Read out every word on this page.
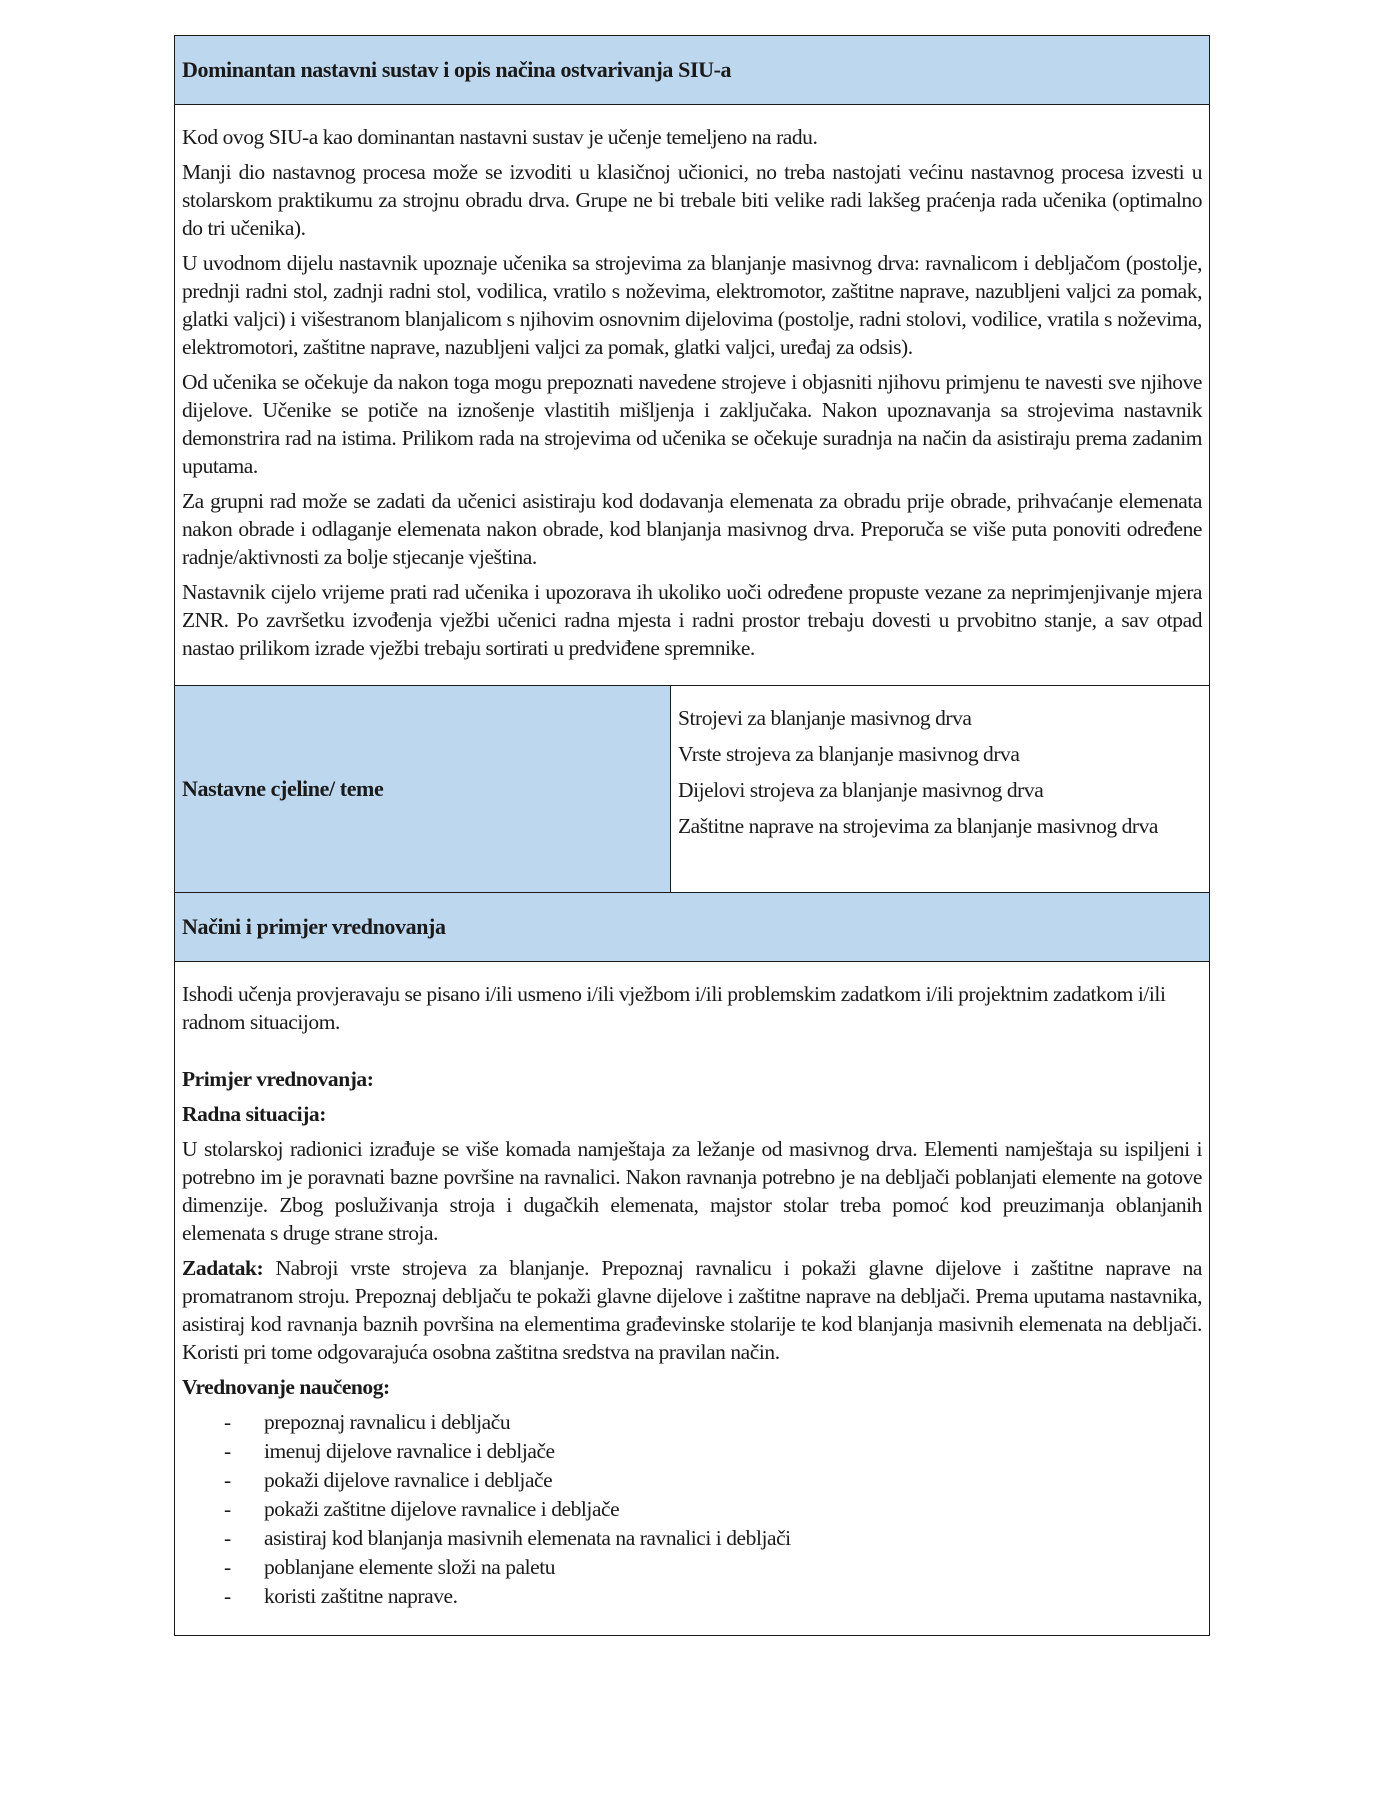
Dominantan nastavni sustav i opis načina ostvarivanja SIU-a

Kod ovog SIU-a kao dominantan nastavni sustav je učenje temeljeno na radu.

Manji dio nastavnog procesa može se izvoditi u klasičnoj učionici, no treba nastojati većinu nastavnog procesa izvesti u stolarskom praktikumu za strojnu obradu drva. Grupe ne bi trebale biti velike radi lakšeg praćenja rada učenika (optimalno do tri učenika).

U uvodnom dijelu nastavnik upoznaje učenika sa strojevima za blanjanje masivnog drva: ravnalicom i debljačom (postolje, prednji radni stol, zadnji radni stol, vodilica, vratilo s noževima, elektromotor, zaštitne naprave, nazubljeni valjci za pomak, glatki valjci) i višestranom blanjalicom s njihovim osnovnim dijelovima (postolje, radni stolovi, vodilice, vratila s noževima, elektromotori, zaštitne naprave, nazubljeni valjci za pomak, glatki valjci, uređaj za odsis).

Od učenika se očekuje da nakon toga mogu prepoznati navedene strojeve i objasniti njihovu primjenu te navesti sve njihove dijelove. Učenike se potiče na iznošenje vlastitih mišljenja i zaključaka. Nakon upoznavanja sa strojevima nastavnik demonstrira rad na istima. Prilikom rada na strojevima od učenika se očekuje suradnja na način da asistiraju prema zadanim uputama.

Za grupni rad može se zadati da učenici asistiraju kod dodavanja elemenata za obradu prije obrade, prihvaćanje elemenata nakon obrade i odlaganje elemenata nakon obrade, kod blanjanja masivnog drva. Preporuča se više puta ponoviti određene radnje/aktivnosti za bolje stjecanje vještina.

Nastavnik cijelo vrijeme prati rad učenika i upozorava ih ukoliko uoči određene propuste vezane za neprimjenjivanje mjera ZNR. Po završetku izvođenja vježbi učenici radna mjesta i radni prostor trebaju dovesti u prvobitno stanje, a sav otpad nastao prilikom izrade vježbi trebaju sortirati u predviđene spremnike.

Nastavne cjeline/ teme
Strojevi za blanjanje masivnog drva
Vrste strojeva za blanjanje masivnog drva
Dijelovi strojeva za blanjanje masivnog drva
Zaštitne naprave na strojevima za blanjanje masivnog drva
Načini i primjer vrednovanja

Ishodi učenja provjeravaju se pisano i/ili usmeno i/ili vježbom i/ili problemskim zadatkom i/ili projektnim zadatkom i/ili radnom situacijom.

Primjer vrednovanja:
Radna situacija:

U stolarskoj radionici izrađuje se više komada namještaja za ležanje od masivnog drva. Elementi namještaja su ispiljeni i potrebno im je poravnati bazne površine na ravnalici. Nakon ravnanja potrebno je na debljači poblanjati elemente na gotove dimenzije. Zbog posluživanja stroja i dugačkih elemenata, majstor stolar treba pomoć kod preuzimanja oblanjanih elemenata s druge strane stroja.

Zadatak: Nabroji vrste strojeva za blanjanje. Prepoznaj ravnalicu i pokaži glavne dijelove i zaštitne naprave na promatranom stroju. Prepoznaj debljaču te pokaži glavne dijelove i zaštitne naprave na debljači. Prema uputama nastavnika, asistiraj kod ravnanja baznih površina na elementima građevinske stolarije te kod blanjanja masivnih elemenata na debljači. Koristi pri tome odgovarajuća osobna zaštitna sredstva na pravilan način.

Vrednovanje naučenog:
-	prepoznaj ravnalicu i debljaču
-	imenuj dijelove ravnalice i debljače
-	pokaži dijelove ravnalice i debljače
-	pokaži zaštitne dijelove ravnalice i debljače
-	asistiraj kod blanjanja masivnih elemenata na ravnalici i debljači
-	poblanjane elemente složi na paletu
-	koristi zaštitne naprave.
